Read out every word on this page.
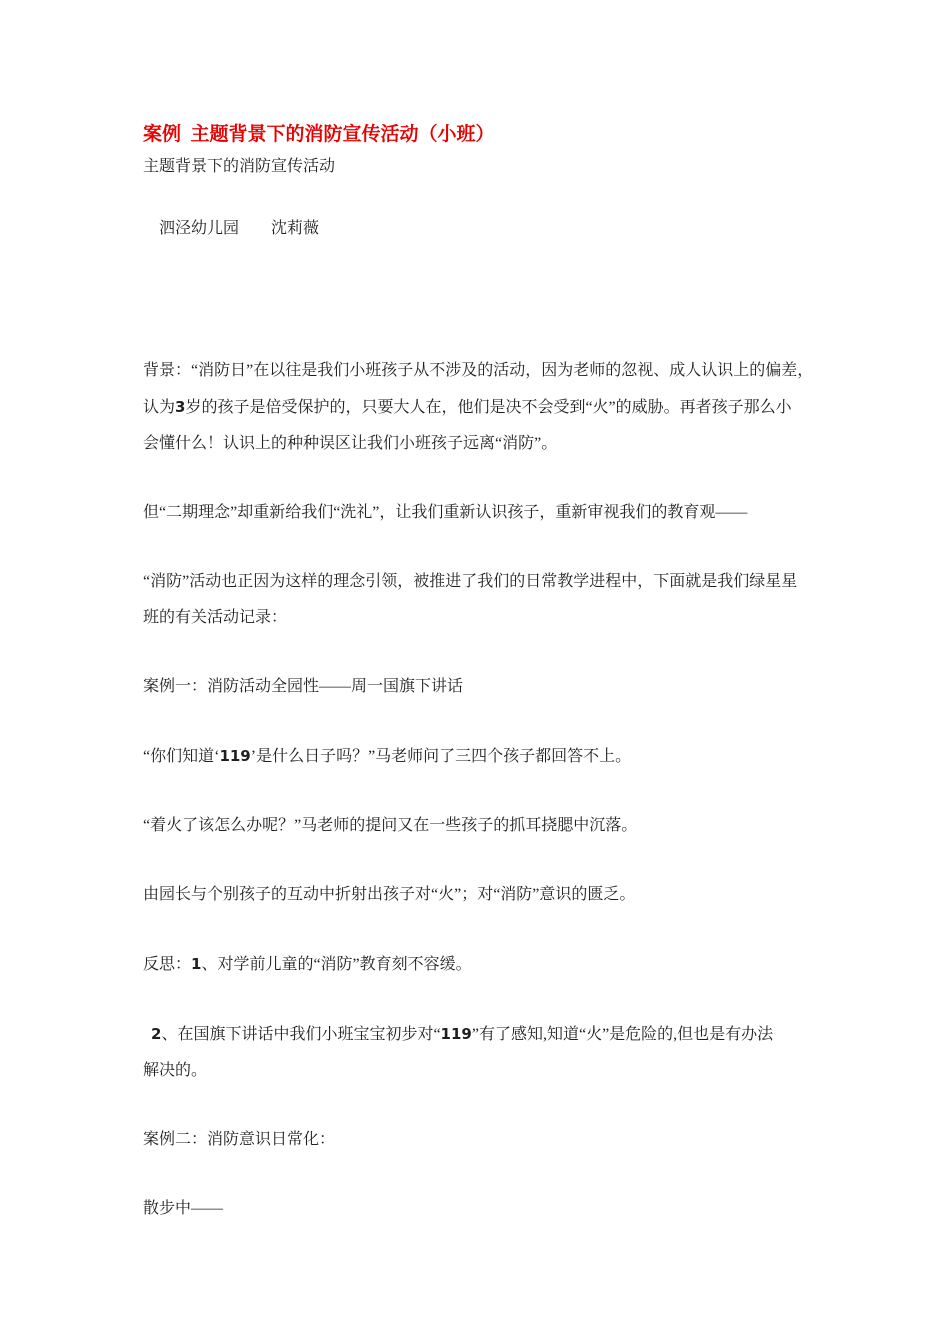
案例  主题背景下的消防宣传活动（小班）
主题背景下的消防宣传活动
　泗泾幼儿园　　沈莉薇
背景：“消防日”在以往是我们小班孩子从不涉及的活动，因为老师的忽视、成人认识上的偏差，
认为3岁的孩子是倍受保护的，只要大人在，他们是决不会受到“火”的威胁。再者孩子那么小
会懂什么！认识上的种种误区让我们小班孩子远离“消防”。
但“二期理念”却重新给我们“洗礼”，让我们重新认识孩子，重新审视我们的教育观——
“消防”活动也正因为这样的理念引领，被推进了我们的日常教学进程中，下面就是我们绿星星
班的有关活动记录：
案例一：消防活动全园性——周一国旗下讲话
“你们知道‘119’是什么日子吗？”马老师问了三四个孩子都回答不上。
“着火了该怎么办呢？”马老师的提问又在一些孩子的抓耳挠腮中沉落。
由园长与个别孩子的互动中折射出孩子对“火”；对“消防”意识的匮乏。
反思：1、对学前儿童的“消防”教育刻不容缓。
2、在国旗下讲话中我们小班宝宝初步对“119”有了感知,知道“火”是危险的,但也是有办法
解决的。
案例二：消防意识日常化：
散步中——
